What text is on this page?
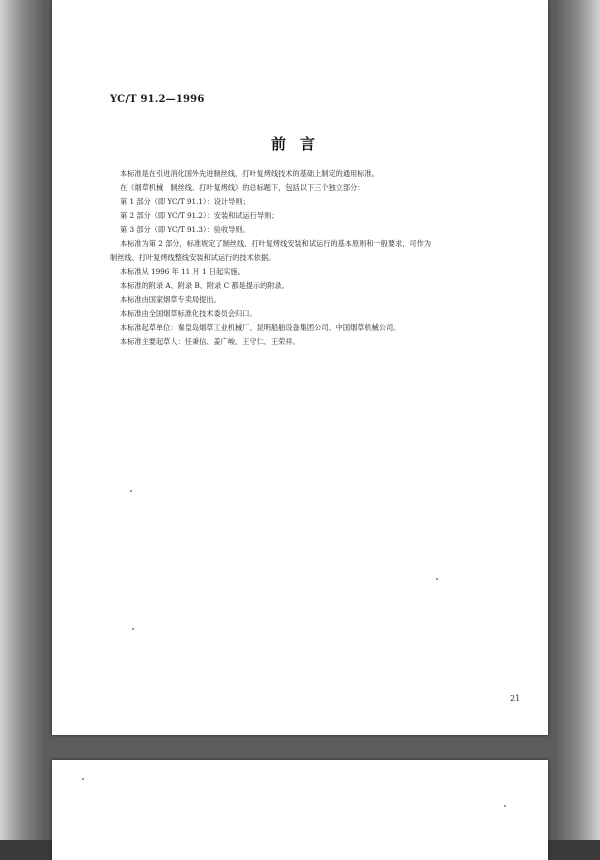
YC/T 91.2—1996
前言
本标准是在引进消化国外先进制丝线、打叶复烤线技术的基础上制定的通用标准。
在《烟草机械　制丝线、打叶复烤线》的总标题下，包括以下三个独立部分：
第 1 部分（即 YC/T 91.1）：设计导则；
第 2 部分（即 YC/T 91.2）：安装和试运行导则；
第 3 部分（即 YC/T 91.3）：验收导则。
本标准为第 2 部分，标准规定了制丝线、打叶复烤线安装和试运行的基本原则和一般要求，可作为
制丝线、打叶复烤线整线安装和试运行的技术依据。
本标准从 1996 年 11 月 1 日起实施。
本标准的附录 A、附录 B、附录 C 都是提示的附录。
本标准由国家烟草专卖局提出。
本标准由全国烟草标准化技术委员会归口。
本标准起草单位：秦皇岛烟草工业机械厂、昆明船舶设备集团公司、中国烟草机械公司。
本标准主要起草人：任秉信、姜广峻、王守仁、王荣祥。
21
